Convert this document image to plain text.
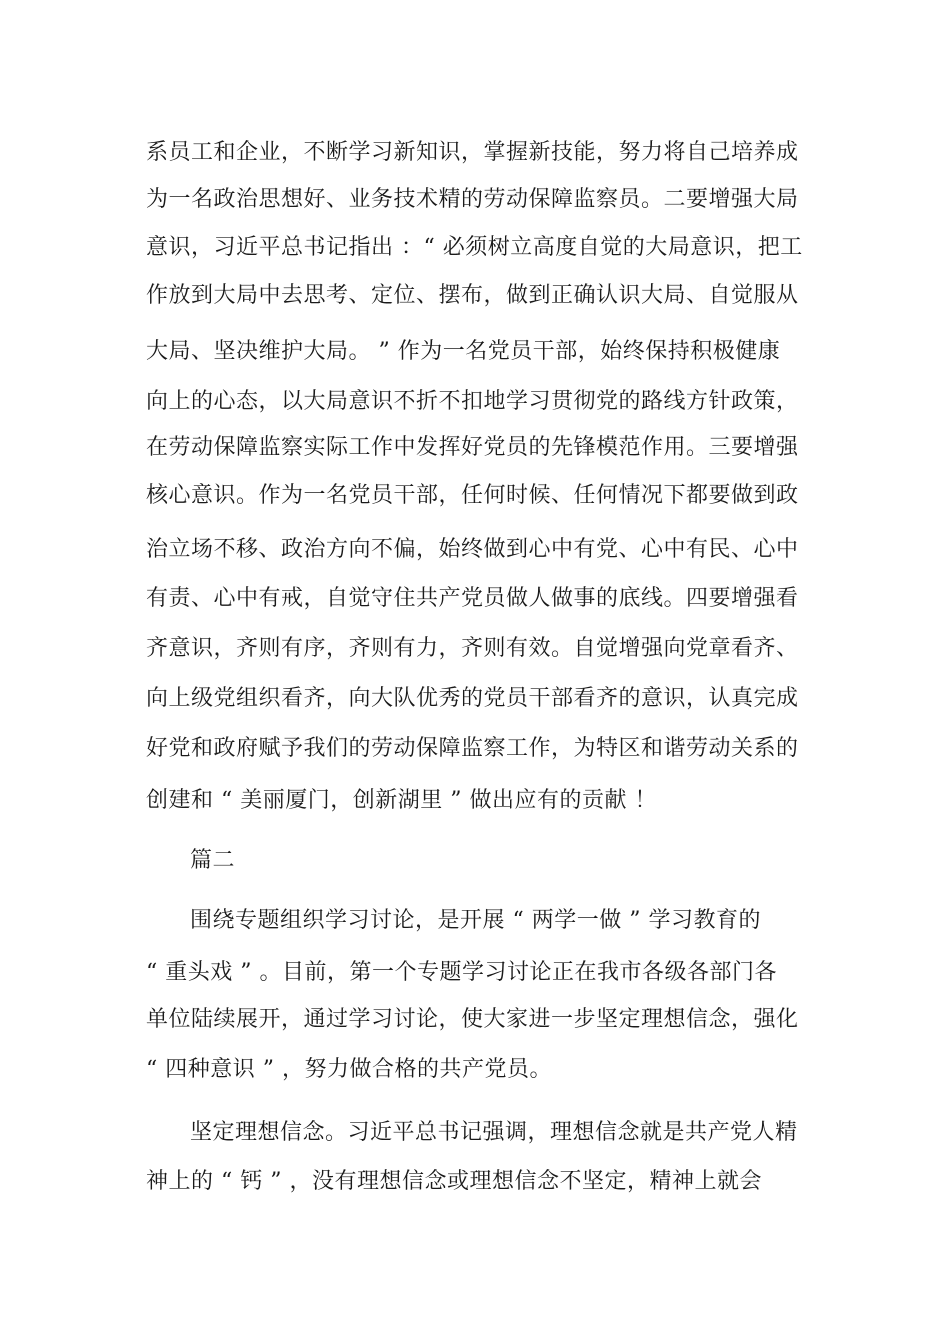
系员工和企业，不断学习新知识，掌握新技能，努力将自己培养成
为一名政治思想好、业务技术精的劳动保障监察员。二要增强大局
意识，习近平总书记指出 ：“ 必须树立高度自觉的大局意识，把工
作放到大局中去思考、定位、摆布，做到正确认识大局、自觉服从
大局、坚决维护大局。 ” 作为一名党员干部，始终保持积极健康
向上的心态，以大局意识不折不扣地学习贯彻党的路线方针政策，
在劳动保障监察实际工作中发挥好党员的先锋模范作用。三要增强
核心意识。作为一名党员干部，任何时候、任何情况下都要做到政
治立场不移、政治方向不偏，始终做到心中有党、心中有民、心中
有责、心中有戒，自觉守住共产党员做人做事的底线。四要增强看
齐意识，齐则有序，齐则有力，齐则有效。自觉增强向党章看齐、
向上级党组织看齐，向大队优秀的党员干部看齐的意识，认真完成
好党和政府赋予我们的劳动保障监察工作，为特区和谐劳动关系的
创建和 “ 美丽厦门，创新湖里 ” 做出应有的贡献 ！
篇二
围绕专题组织学习讨论，是开展 “ 两学一做 ” 学习教育的
“ 重头戏 ” 。目前，第一个专题学习讨论正在我市各级各部门各
单位陆续展开，通过学习讨论，使大家进一步坚定理想信念，强化
“ 四种意识 ” ，努力做合格的共产党员。
坚定理想信念。习近平总书记强调，理想信念就是共产党人精
神上的 “ 钙 ” ，没有理想信念或理想信念不坚定，精神上就会
